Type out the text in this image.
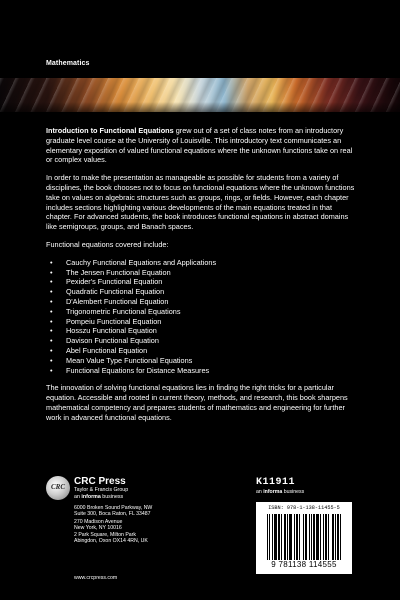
Mathematics

Introduction to Functional Equations grew out of a set of class notes from an introductory graduate level course at the University of Louisville. This introductory text communicates an elementary exposition of valued functional equations where the unknown functions take on real or complex values.

In order to make the presentation as manageable as possible for students from a variety of disciplines, the book chooses not to focus on functional equations where the unknown functions take on values on algebraic structures such as groups, rings, or fields. However, each chapter includes sections highlighting various developments of the main equations treated in that chapter. For advanced students, the book introduces functional equations in abstract domains like semigroups, groups, and Banach spaces.

Functional equations covered include:

• Cauchy Functional Equations and Applications
• The Jensen Functional Equation
• Pexider's Functional Equation
• Quadratic Functional Equation
• D'Alembert Functional Equation
• Trigonometric Functional Equations
• Pompeiu Functional Equation
• Hosszu Functional Equation
• Davison Functional Equation
• Abel Functional Equation
• Mean Value Type Functional Equations
• Functional Equations for Distance Measures

The innovation of solving functional equations lies in finding the right tricks for a particular equation. Accessible and rooted in current theory, methods, and research, this book sharpens mathematical competency and prepares students of mathematics and engineering for further work in advanced functional equations.

CRC CRC Press
Taylor & Francis Group
an informa business
6000 Broken Sound Parkway, NW
Suite 300, Boca Raton, FL 33487
270 Madison Avenue
New York, NY 10016
2 Park Square, Milton Park
Abingdon, Oxon OX14 4RN, UK
www.crcpress.com
K11911
an informa business
ISBN: 978-1-138-11455-5
9 781138 114555
